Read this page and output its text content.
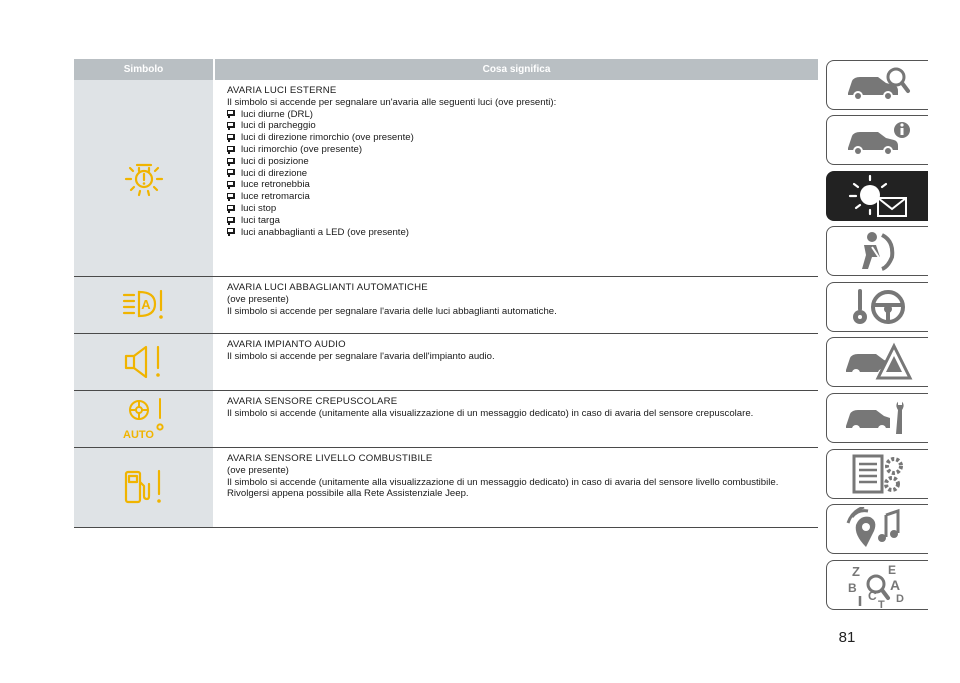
Simbolo	Cosa significa
AVARIA LUCI ESTERNE
Il simbolo si accende per segnalare un'avaria alle seguenti luci (ove presenti):
luci diurne (DRL)
luci di parcheggio
luci di direzione rimorchio (ove presente)
luci rimorchio (ove presente)
luci di posizione
luci di direzione
luce retronebbia
luce retromarcia
luci stop
luci targa
luci anabbaglianti a LED (ove presente)
A
AVARIA LUCI ABBAGLIANTI AUTOMATICHE
(ove presente)
Il simbolo si accende per segnalare l'avaria delle luci abbaglianti automatiche.
AVARIA IMPIANTO AUDIO
Il simbolo si accende per segnalare l'avaria dell'impianto audio.
AUTO
AVARIA SENSORE CREPUSCOLARE
Il simbolo si accende (unitamente alla visualizzazione di un messaggio dedicato) in caso di avaria del sensore crepuscolare.
AVARIA SENSORE LIVELLO COMBUSTIBILE
(ove presente)
Il simbolo si accende (unitamente alla visualizzazione di un messaggio dedicato) in caso di avaria del sensore livello combustibile.
Rivolgersi appena possibile alla Rete Assistenziale Jeep.
Z E
B A
C D
T
81
